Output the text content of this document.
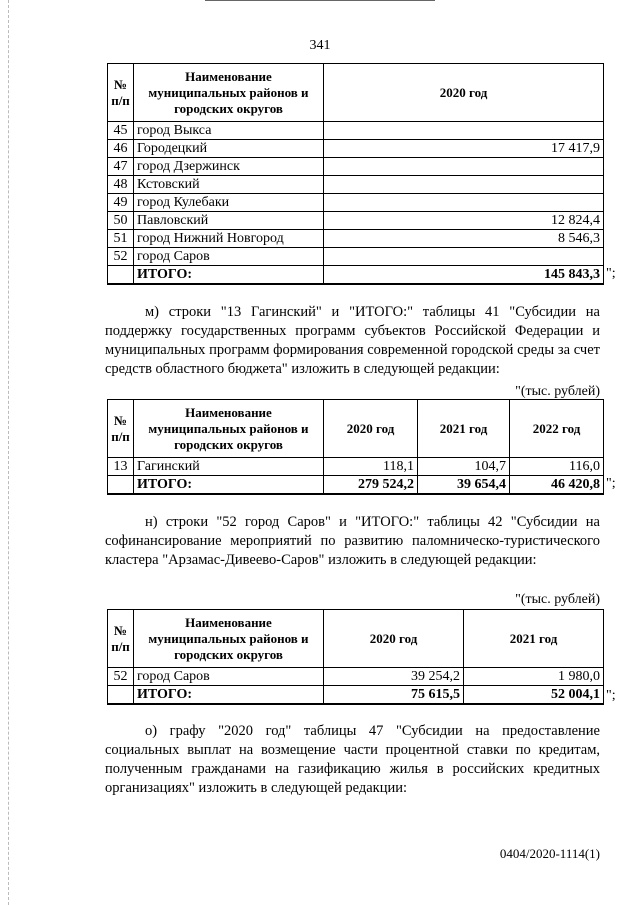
341
№ п/п	Наименование муниципальных районов и городских округов	2020 год
45	город Выкса	
46	Городецкий	17 417,9
47	город Дзержинск	
48	Кстовский	
49	город Кулебаки	
50	Павловский	12 824,4
51	город Нижний Новгород	8 546,3
52	город Саров	
	ИТОГО:	145 843,3 ";
м) строки "13 Гагинский" и "ИТОГО:" таблицы 41 "Субсидии на поддержку государственных программ субъектов Российской Федерации и муниципальных программ формирования современной городской среды за счет средств областного бюджета" изложить в следующей редакции:
"(тыс. рублей)
№ п/п	Наименование муниципальных районов и городских округов	2020 год	2021 год	2022 год
13	Гагинский	118,1	104,7	116,0
	ИТОГО:	279 524,2	39 654,4	46 420,8 ";
н) строки "52 город Саров" и "ИТОГО:" таблицы 42 "Субсидии на софинансирование мероприятий по развитию паломническо-туристического кластера "Арзамас-Дивеево-Саров" изложить в следующей редакции:
"(тыс. рублей)
№ п/п	Наименование муниципальных районов и городских округов	2020 год	2021 год
52	город Саров	39 254,2	1 980,0
	ИТОГО:	75 615,5	52 004,1 ";
о) графу "2020 год" таблицы 47 "Субсидии на предоставление социальных выплат на возмещение части процентной ставки по кредитам, полученным гражданами на газификацию жилья в российских кредитных организациях" изложить в следующей редакции:
0404/2020-1114(1)
